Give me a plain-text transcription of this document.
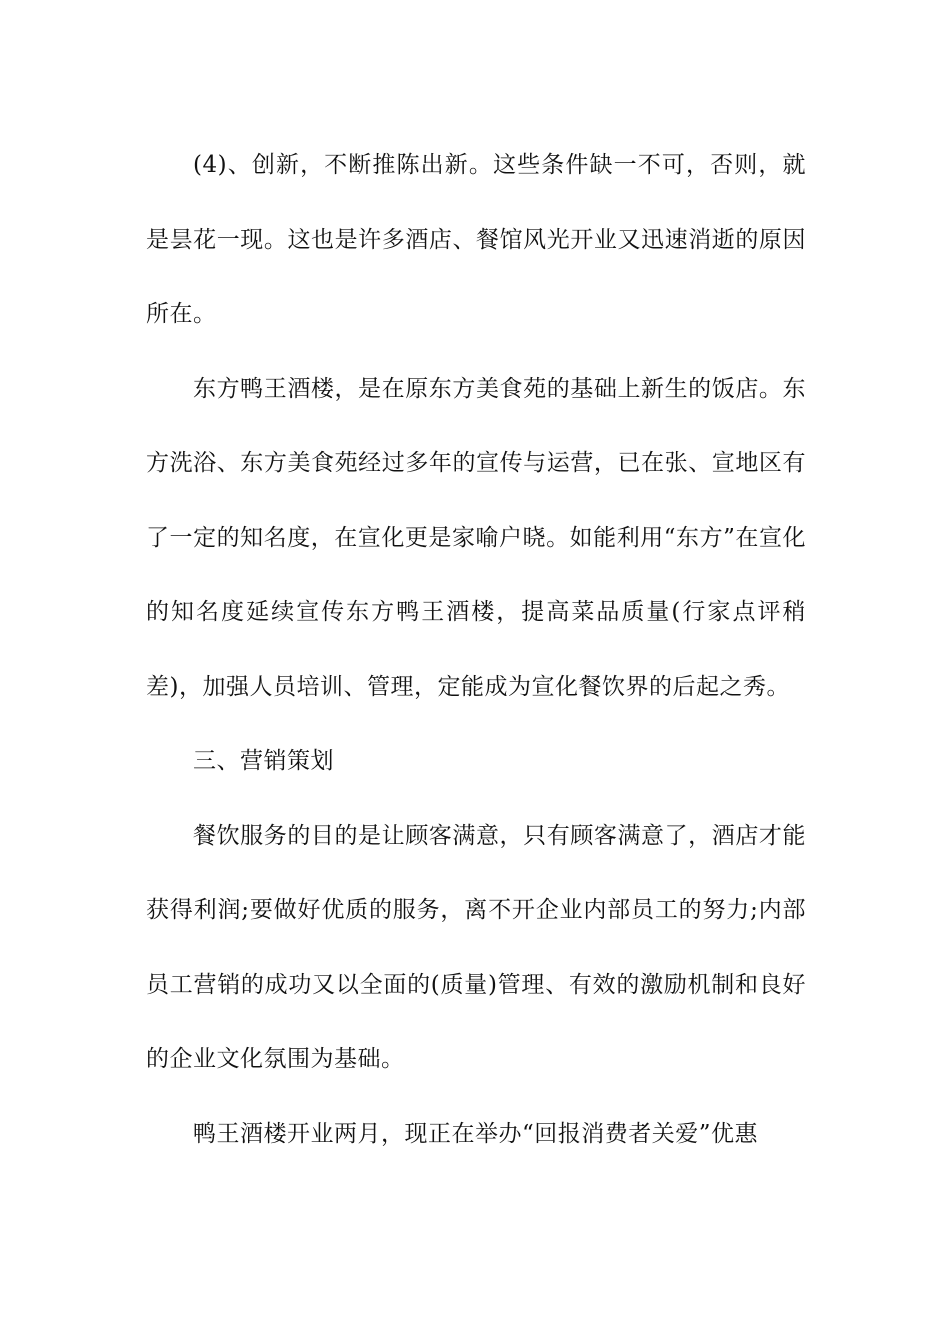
(4)、创新，不断推陈出新。这些条件缺一不可，否则，就是昙花一现。这也是许多酒店、餐馆风光开业又迅速消逝的原因所在。

东方鸭王酒楼，是在原东方美食苑的基础上新生的饭店。东方洗浴、东方美食苑经过多年的宣传与运营，已在张、宣地区有了一定的知名度，在宣化更是家喻户晓。如能利用“东方”在宣化的知名度延续宣传东方鸭王酒楼，提高菜品质量(行家点评稍差)，加强人员培训、管理，定能成为宣化餐饮界的后起之秀。

三、营销策划

餐饮服务的目的是让顾客满意，只有顾客满意了，酒店才能获得利润;要做好优质的服务，离不开企业内部员工的努力;内部员工营销的成功又以全面的(质量)管理、有效的激励机制和良好的企业文化氛围为基础。

鸭王酒楼开业两月，现正在举办“回报消费者关爱”优惠
